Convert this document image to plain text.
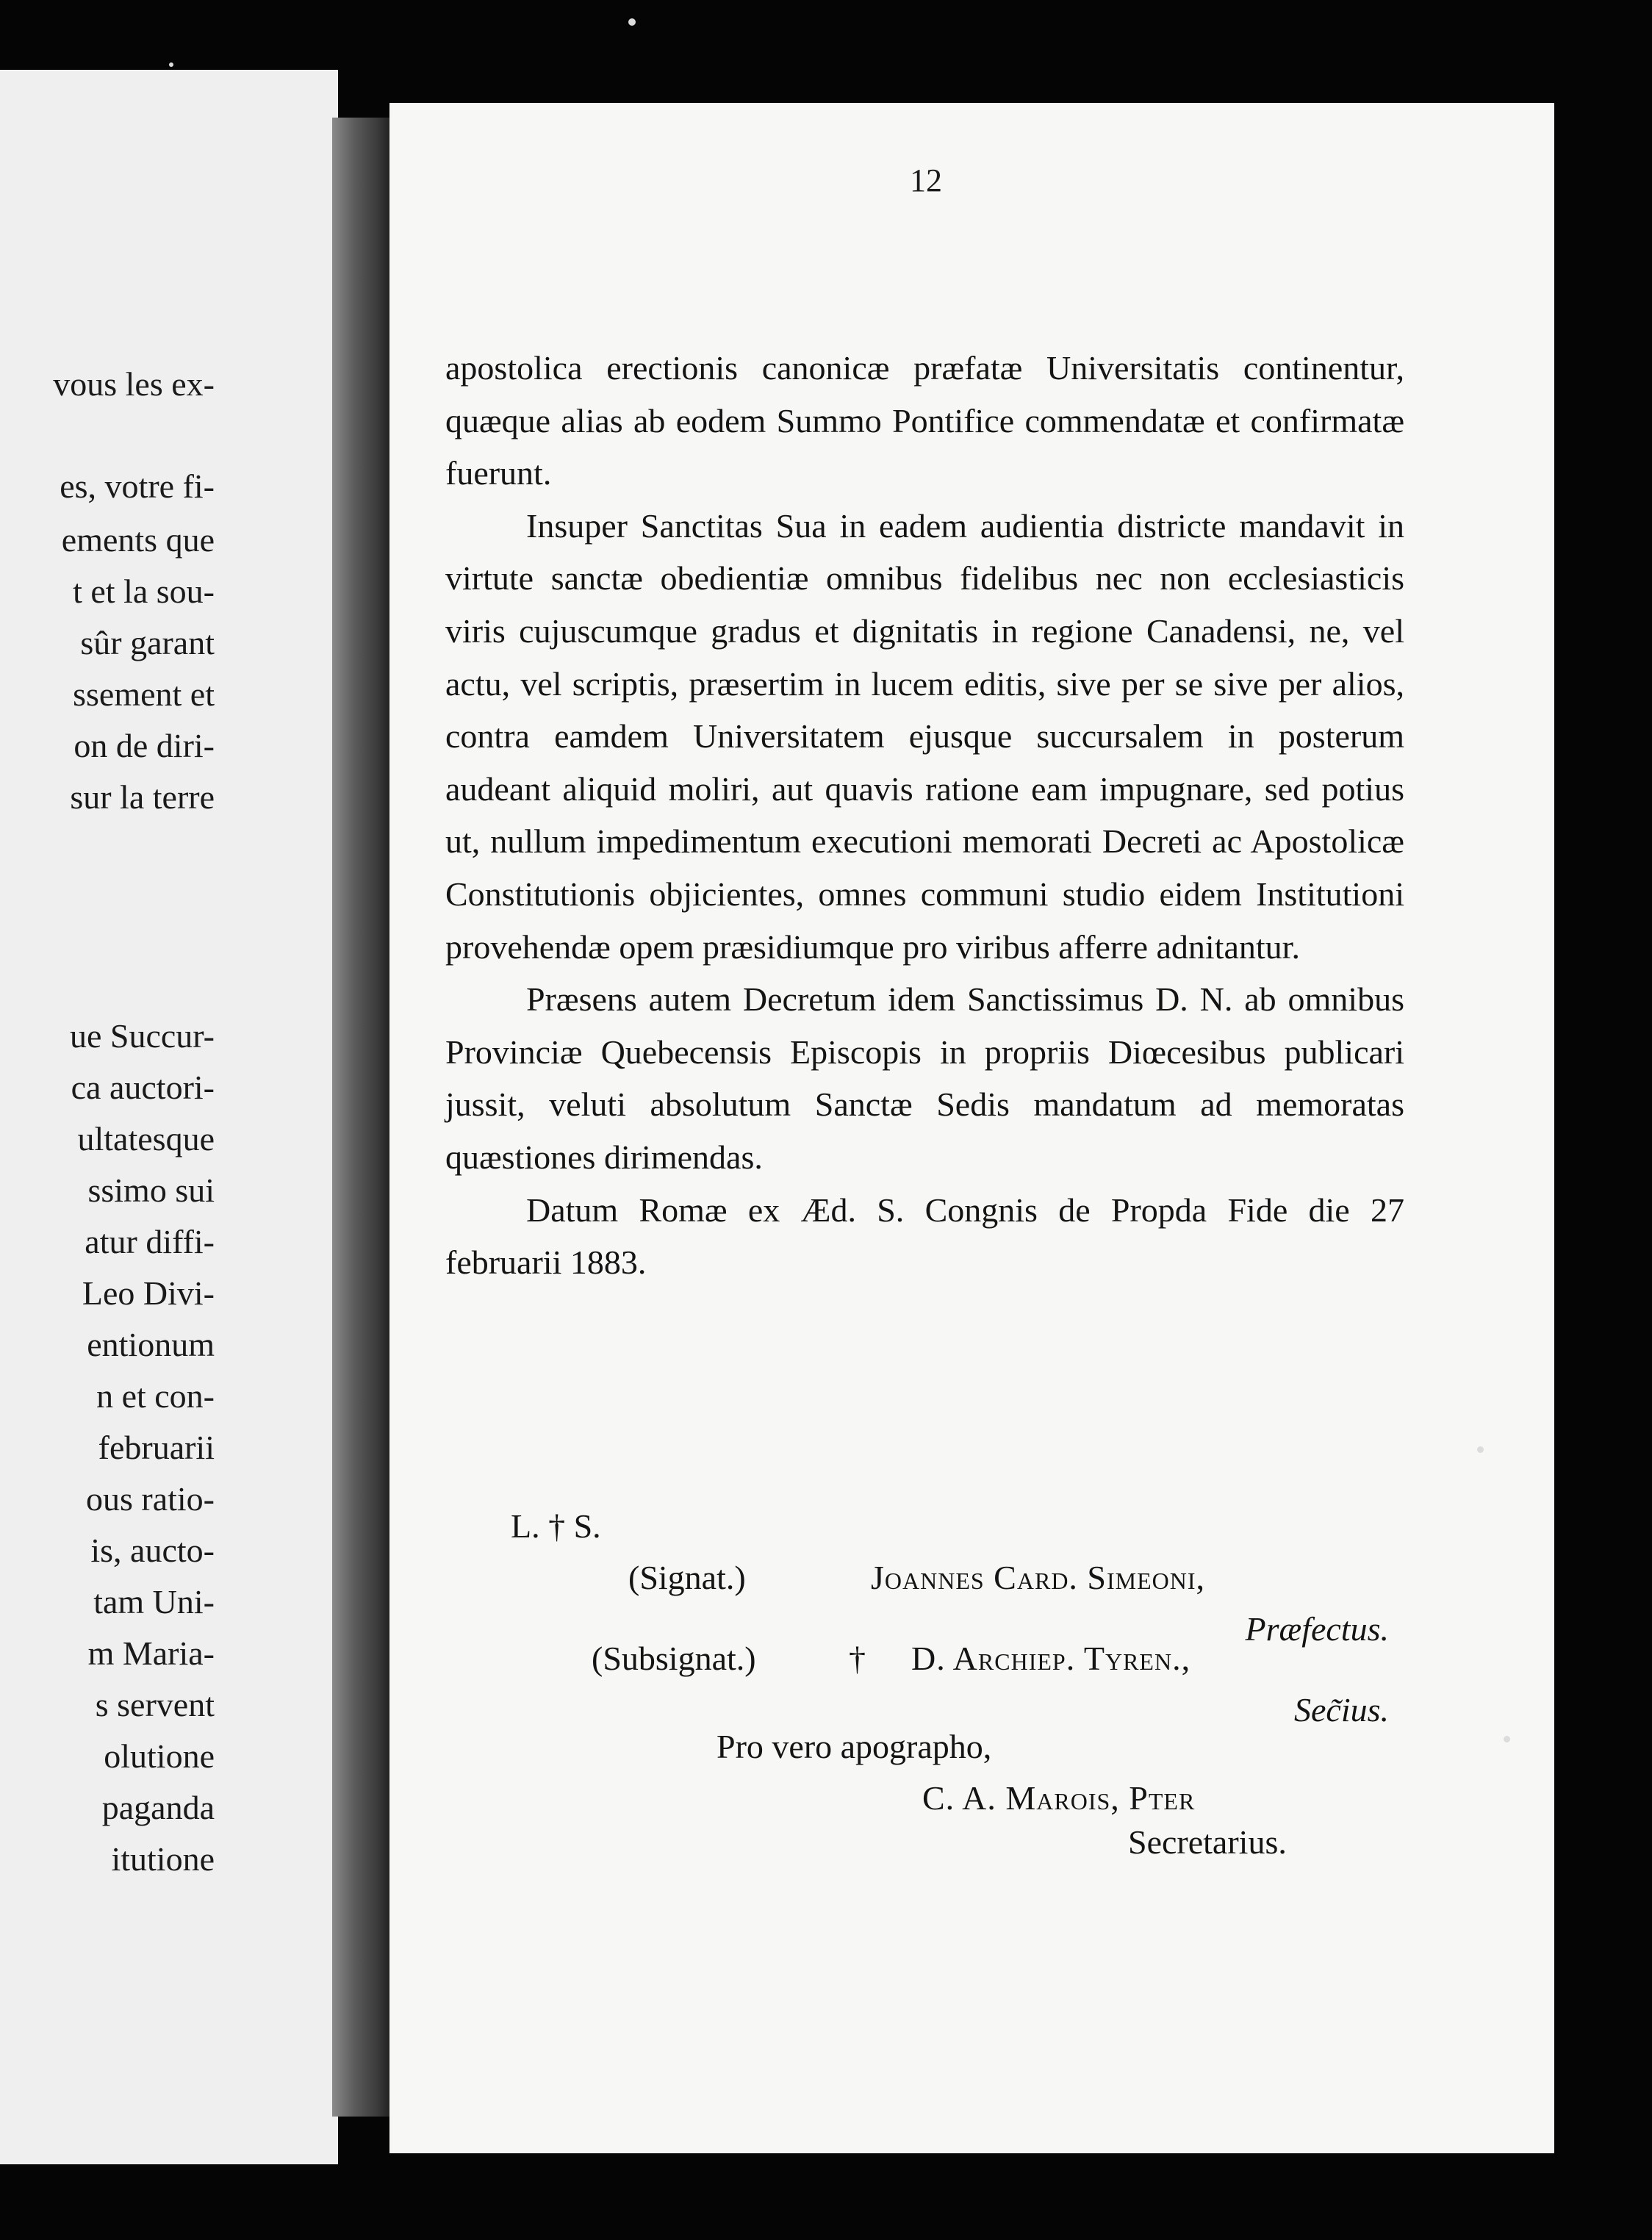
vous les ex-
es, votre fi-
ements que
t et la sou-
sûr garant
ssement et
on de diri-
sur la terre
ue Succur-
ca auctori-
ultatesque
ssimo sui
atur diffi-
Leo Divi-
entionum
n et con-
februarii
ous ratio-
is, aucto-
tam Uni-
m Maria-
s servent
olutione
paganda
itutione
12

apostolica erectionis canonicæ præfatæ Universitatis continentur, quæque alias ab eodem Summo Pontifice commendatæ et confirmatæ fuerunt.

Insuper Sanctitas Sua in eadem audientia districte mandavit in virtute sanctæ obedientiæ omnibus fidelibus nec non ecclesiasticis viris cujuscumque gradus et dignitatis in regione Canadensi, ne, vel actu, vel scriptis, præsertim in lucem editis, sive per se sive per alios, contra eamdem Universitatem ejusque succursalem in posterum audeant aliquid moliri, aut quavis ratione eam impugnare, sed potius ut, nullum impedimentum executioni memorati Decreti ac Apostolicæ Constitutionis objicientes, omnes communi studio eidem Institutioni provehendæ opem præsidiumque pro viribus afferre adnitantur.

Præsens autem Decretum idem Sanctissimus D. N. ab omnibus Provinciæ Quebecensis Episcopis in propriis Diœcesibus publicari jussit, veluti absolutum Sanctæ Sedis mandatum ad memoratas quæstiones dirimendas.

Datum Romæ ex Æd. S. Congnis de Propda Fide die 27 februarii 1883.

L. † S.
(Signat.)	Joannes Card. Simeoni,
Præfectus.
(Subsignat.)	† D. Archiep. Tyren.,
Sec̃ius.
Pro vero apographo,
C. A. Marois, Pter
Secretarius.
